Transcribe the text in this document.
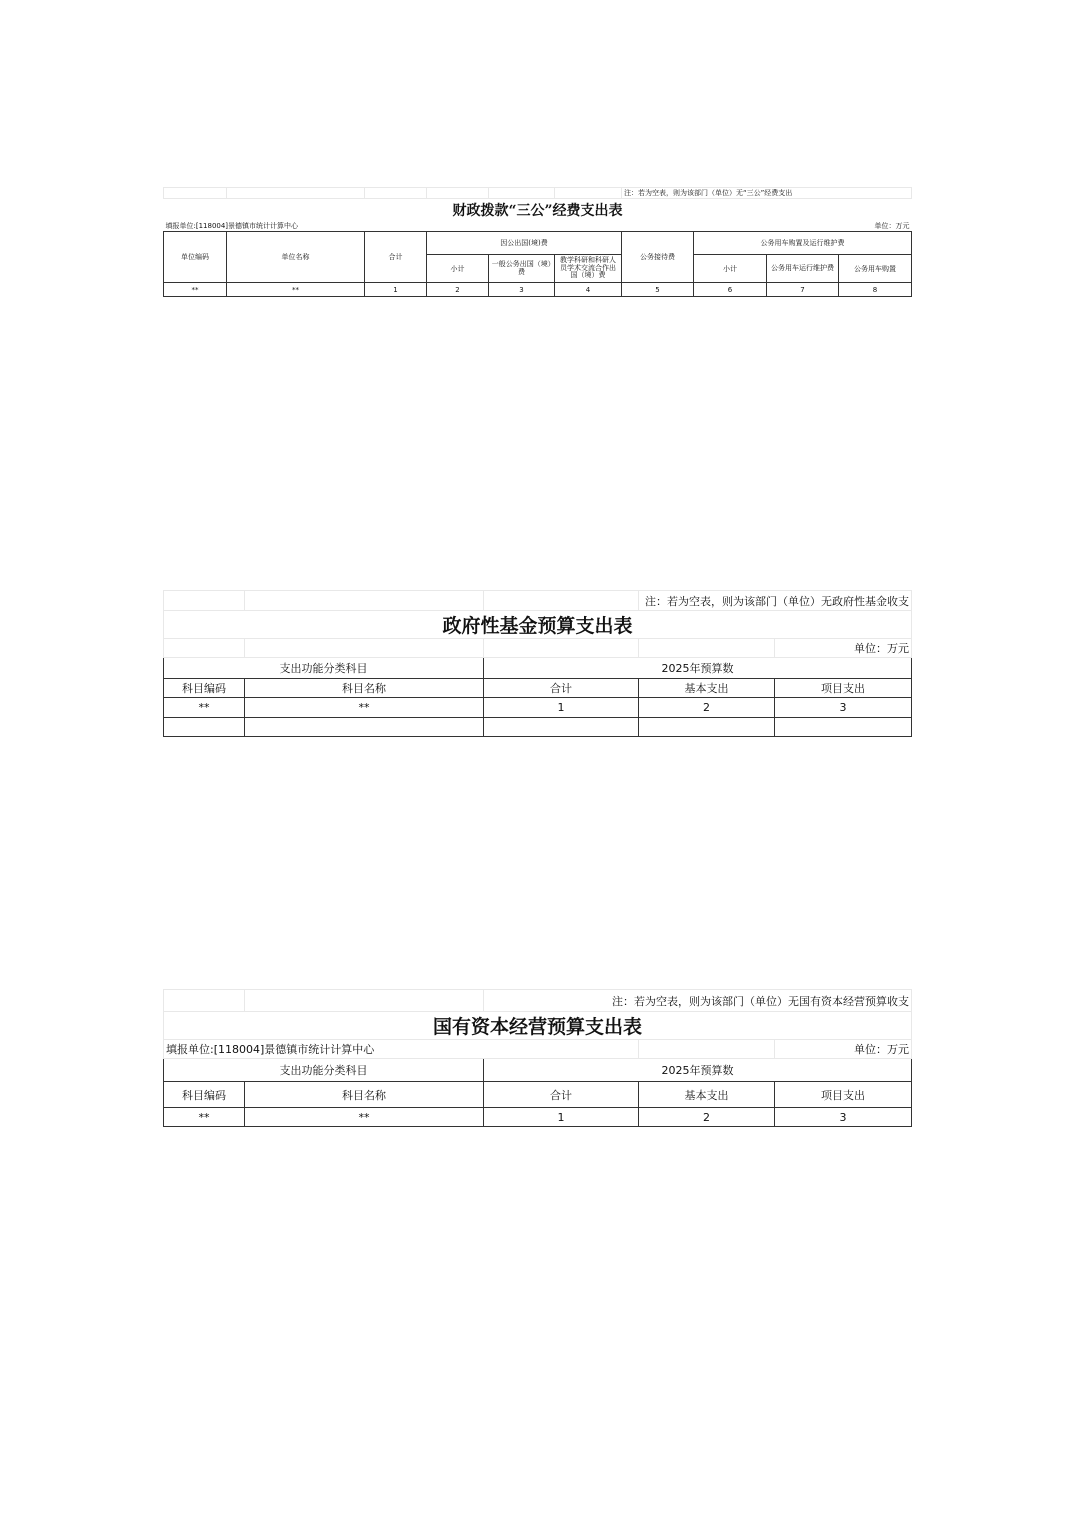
						注：若为空表，则为该部门（单位）无“三公”经费支出			
财政拨款“三公”经费支出表									
填报单位:[118004]景德镇市统计计算中心						单位：万元			
单位编码	单位名称	合计	因公出国(境)费			公务接待费	公务用车购置及运行维护费		
			小计	一般公务出国（境）费	教学科研和科研人员学术交流合作出国（境）费		小计	公务用车运行维护费	公务用车购置
**	**	1	2	3	4	5	6	7	8
			注：若为空表，则为该部门（单位）无政府性基金收支	
政府性基金预算支出表				
				单位：万元
支出功能分类科目		2025年预算数		
科目编码	科目名称	合计	基本支出	项目支出
**	**	1	2	3

		注：若为空表，则为该部门（单位）无国有资本经营预算收支		
国有资本经营预算支出表				
填报单位:[118004]景德镇市统计计算中心				单位：万元
支出功能分类科目		2025年预算数		
科目编码	科目名称	合计	基本支出	项目支出
**	**	1	2	3
